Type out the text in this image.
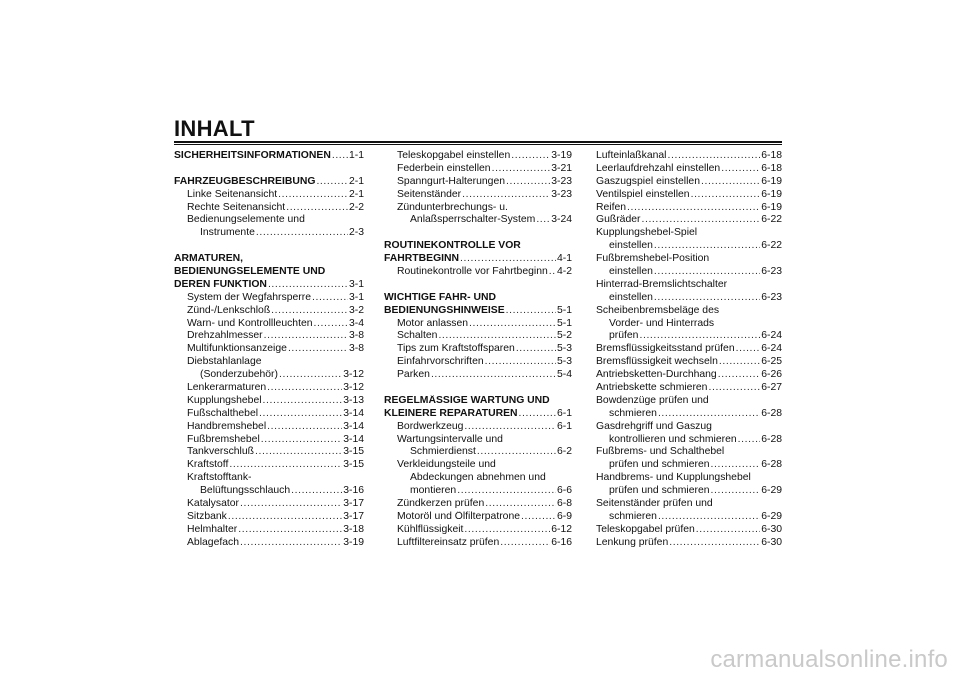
INHALT
SICHERHEITSINFORMATIONEN ..... 1-1
FAHRZEUGBESCHREIBUNG .....	2-1
Linke Seitenansicht .....	2-1
Rechte Seitenansicht .....	2-2
Bedienungselemente und
Instrumente .....	2-3
ARMATUREN,
BEDIENUNGSELEMENTE UND
DEREN FUNKTION .....	3-1
System der Wegfahrsperre .....	3-1
Zünd-/Lenkschloß .....	3-2
Warn- und Kontrollleuchten .....	3-4
Drehzahlmesser .....	3-8
Multifunktionsanzeige .....	3-8
Diebstahlanlage
(Sonderzubehör) .....	3-12
Lenkerarmaturen .....	3-12
Kupplungshebel .....	3-13
Fußschalthebel .....	3-14
Handbremshebel .....	3-14
Fußbremshebel .....	3-14
Tankverschluß .....	3-15
Kraftstoff .....	3-15
Kraftstofftank-
Belüftungsschlauch .....	3-16
Katalysator .....	3-17
Sitzbank .....	3-17
Helmhalter .....	3-18
Ablagefach .....	3-19
Teleskopgabel einstellen .....	3-19
Federbein einstellen .....	3-21
Spanngurt-Halterungen .....	3-23
Seitenständer .....	3-23
Zündunterbrechungs- u.
Anlaßsperrschalter-System ..... 3-24
ROUTINEKONTROLLE VOR
FAHRTBEGINN .....	4-1
Routinekontrolle vor Fahrtbeginn ..... 4-2
WICHTIGE FAHR- UND
BEDIENUNGSHINWEISE .....	5-1
Motor anlassen .....	5-1
Schalten .....	5-2
Tips zum Kraftstoffsparen .....	5-3
Einfahrvorschriften .....	5-3
Parken .....	5-4
REGELMÄSSIGE WARTUNG UND
KLEINERE REPARATUREN .....	6-1
Bordwerkzeug .....	6-1
Wartungsintervalle und
Schmierdienst .....	6-2
Verkleidungsteile und
Abdeckungen abnehmen und
montieren .....	6-6
Zündkerzen prüfen .....	6-8
Motoröl und Ölfilterpatrone .....	6-9
Kühlflüssigkeit .....	6-12
Luftfiltereinsatz prüfen .....	6-16
Lufteinlaßkanal .....	6-18
Leerlaufdrehzahl einstellen .....	6-18
Gaszugspiel einstellen .....	6-19
Ventilspiel einstellen .....	6-19
Reifen .....	6-19
Gußräder .....	6-22
Kupplungshebel-Spiel
einstellen .....	6-22
Fußbremshebel-Position
einstellen .....	6-23
Hinterrad-Bremslichtschalter
einstellen .....	6-23
Scheibenbremsbeläge des
Vorder- und Hinterrads
prüfen .....	6-24
Bremsflüssigkeitsstand prüfen .....	6-24
Bremsflüssigkeit wechseln .....	6-25
Antriebsketten-Durchhang .....	6-26
Antriebskette schmieren .....	6-27
Bowdenzüge prüfen und
schmieren .....	6-28
Gasdrehgriff und Gaszug
kontrollieren und schmieren ..... 6-28
Fußbrems- und Schalthebel
prüfen und schmieren .....	6-28
Handbrems- und Kupplungshebel
prüfen und schmieren .....	6-29
Seitenständer prüfen und
schmieren .....	6-29
Teleskopgabel prüfen .....	6-30
Lenkung prüfen .....	6-30
carmanualsonline.info
